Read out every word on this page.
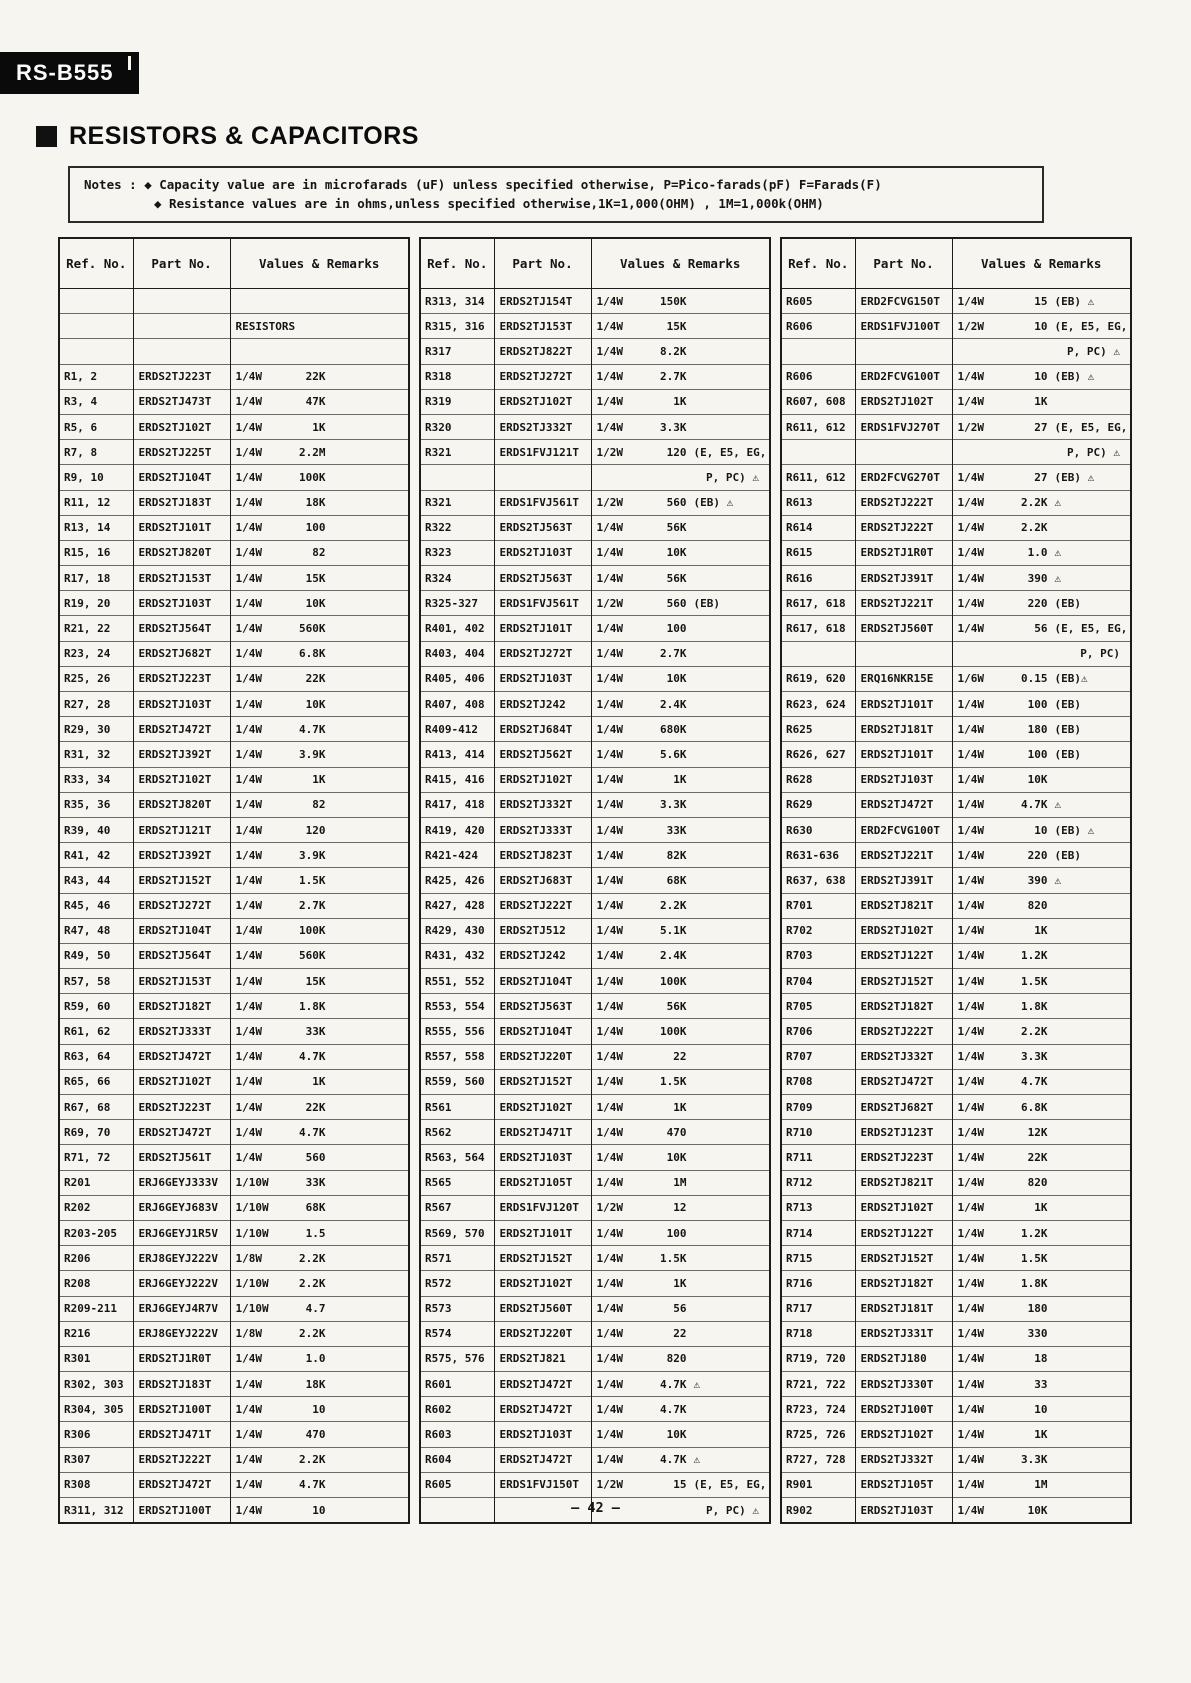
RS-B555
RESISTORS & CAPACITORS
Notes : ◆ Capacity value are in microfarads (uF) unless specified otherwise, P=Pico-farads(pF) F=Farads(F)
◆ Resistance values are in ohms,unless specified otherwise,1K=1,000(OHM) , 1M=1,000k(OHM)
Ref. No.	Part No.	Values & Remarks

		RESISTORS

R1, 2	ERDS2TJ223T	1/4W 22K

R3, 4	ERDS2TJ473T	1/4W 47K

R5, 6	ERDS2TJ102T	1/4W 1K

R7, 8	ERDS2TJ225T	1/4W 2.2M

R9, 10	ERDS2TJ104T	1/4W 100K

R11, 12	ERDS2TJ183T	1/4W 18K

R13, 14	ERDS2TJ101T	1/4W 100

R15, 16	ERDS2TJ820T	1/4W 82

R17, 18	ERDS2TJ153T	1/4W 15K

R19, 20	ERDS2TJ103T	1/4W 10K

R21, 22	ERDS2TJ564T	1/4W 560K

R23, 24	ERDS2TJ682T	1/4W 6.8K

R25, 26	ERDS2TJ223T	1/4W 22K

R27, 28	ERDS2TJ103T	1/4W 10K

R29, 30	ERDS2TJ472T	1/4W 4.7K

R31, 32	ERDS2TJ392T	1/4W 3.9K

R33, 34	ERDS2TJ102T	1/4W 1K

R35, 36	ERDS2TJ820T	1/4W 82

R39, 40	ERDS2TJ121T	1/4W 120

R41, 42	ERDS2TJ392T	1/4W 3.9K

R43, 44	ERDS2TJ152T	1/4W 1.5K

R45, 46	ERDS2TJ272T	1/4W 2.7K

R47, 48	ERDS2TJ104T	1/4W 100K

R49, 50	ERDS2TJ564T	1/4W 560K

R57, 58	ERDS2TJ153T	1/4W 15K

R59, 60	ERDS2TJ182T	1/4W 1.8K

R61, 62	ERDS2TJ333T	1/4W 33K

R63, 64	ERDS2TJ472T	1/4W 4.7K

R65, 66	ERDS2TJ102T	1/4W 1K

R67, 68	ERDS2TJ223T	1/4W 22K

R69, 70	ERDS2TJ472T	1/4W 4.7K

R71, 72	ERDS2TJ561T	1/4W 560

R201	ERJ6GEYJ333V	1/10W 33K

R202	ERJ6GEYJ683V	1/10W 68K

R203-205	ERJ6GEYJ1R5V	1/10W 1.5

R206	ERJ8GEYJ222V	1/8W 2.2K

R208	ERJ6GEYJ222V	1/10W 2.2K

R209-211	ERJ6GEYJ4R7V	1/10W 4.7

R216	ERJ8GEYJ222V	1/8W 2.2K

R301	ERDS2TJ1R0T	1/4W 1.0

R302, 303	ERDS2TJ183T	1/4W 18K

R304, 305	ERDS2TJ100T	1/4W 10

R306	ERDS2TJ471T	1/4W 470

R307	ERDS2TJ222T	1/4W 2.2K

R308	ERDS2TJ472T	1/4W 4.7K

R311, 312	ERDS2TJ100T	1/4W 10
Ref. No.	Part No.	Values & Remarks
R313, 314	ERDS2TJ154T	1/4W 150K

R315, 316	ERDS2TJ153T	1/4W 15K

R317	ERDS2TJ822T	1/4W 8.2K

R318	ERDS2TJ272T	1/4W 2.7K

R319	ERDS2TJ102T	1/4W 1K

R320	ERDS2TJ332T	1/4W 3.3K

R321	ERDS1FVJ121T	1/2W 120 (E, E5, EG,

		P, PC) ⚠

R321	ERDS1FVJ561T	1/2W 560 (EB) ⚠

R322	ERDS2TJ563T	1/4W 56K

R323	ERDS2TJ103T	1/4W 10K

R324	ERDS2TJ563T	1/4W 56K

R325-327	ERDS1FVJ561T	1/2W 560 (EB)

R401, 402	ERDS2TJ101T	1/4W 100

R403, 404	ERDS2TJ272T	1/4W 2.7K

R405, 406	ERDS2TJ103T	1/4W 10K

R407, 408	ERDS2TJ242	1/4W 2.4K

R409-412	ERDS2TJ684T	1/4W 680K

R413, 414	ERDS2TJ562T	1/4W 5.6K

R415, 416	ERDS2TJ102T	1/4W 1K

R417, 418	ERDS2TJ332T	1/4W 3.3K

R419, 420	ERDS2TJ333T	1/4W 33K

R421-424	ERDS2TJ823T	1/4W 82K

R425, 426	ERDS2TJ683T	1/4W 68K

R427, 428	ERDS2TJ222T	1/4W 2.2K

R429, 430	ERDS2TJ512	1/4W 5.1K

R431, 432	ERDS2TJ242	1/4W 2.4K

R551, 552	ERDS2TJ104T	1/4W 100K

R553, 554	ERDS2TJ563T	1/4W 56K

R555, 556	ERDS2TJ104T	1/4W 100K

R557, 558	ERDS2TJ220T	1/4W 22

R559, 560	ERDS2TJ152T	1/4W 1.5K

R561	ERDS2TJ102T	1/4W 1K

R562	ERDS2TJ471T	1/4W 470

R563, 564	ERDS2TJ103T	1/4W 10K

R565	ERDS2TJ105T	1/4W 1M

R567	ERDS1FVJ120T	1/2W 12

R569, 570	ERDS2TJ101T	1/4W 100

R571	ERDS2TJ152T	1/4W 1.5K

R572	ERDS2TJ102T	1/4W 1K

R573	ERDS2TJ560T	1/4W 56

R574	ERDS2TJ220T	1/4W 22

R575, 576	ERDS2TJ821	1/4W 820

R601	ERDS2TJ472T	1/4W 4.7K ⚠

R602	ERDS2TJ472T	1/4W 4.7K

R603	ERDS2TJ103T	1/4W 10K

R604	ERDS2TJ472T	1/4W 4.7K ⚠

R605	ERDS1FVJ150T	1/2W 15 (E, E5, EG,

		P, PC) ⚠
Ref. No.	Part No.	Values & Remarks
R605	ERD2FCVG150T	1/4W 15 (EB) ⚠

R606	ERDS1FVJ100T	1/2W 10 (E, E5, EG,

		P, PC) ⚠

R606	ERD2FCVG100T	1/4W 10 (EB) ⚠

R607, 608	ERDS2TJ102T	1/4W 1K

R611, 612	ERDS1FVJ270T	1/2W 27 (E, E5, EG,

		P, PC) ⚠

R611, 612	ERD2FCVG270T	1/4W 27 (EB) ⚠

R613	ERDS2TJ222T	1/4W 2.2K ⚠

R614	ERDS2TJ222T	1/4W 2.2K

R615	ERDS2TJ1R0T	1/4W 1.0 ⚠

R616	ERDS2TJ391T	1/4W 390 ⚠

R617, 618	ERDS2TJ221T	1/4W 220 (EB)

R617, 618	ERDS2TJ560T	1/4W 56 (E, E5, EG,

		P, PC)

R619, 620	ERQ16NKR15E	1/6W 0.15 (EB)⚠

R623, 624	ERDS2TJ101T	1/4W 100 (EB)

R625	ERDS2TJ181T	1/4W 180 (EB)

R626, 627	ERDS2TJ101T	1/4W 100 (EB)

R628	ERDS2TJ103T	1/4W 10K

R629	ERDS2TJ472T	1/4W 4.7K ⚠

R630	ERD2FCVG100T	1/4W 10 (EB) ⚠

R631-636	ERDS2TJ221T	1/4W 220 (EB)

R637, 638	ERDS2TJ391T	1/4W 390 ⚠

R701	ERDS2TJ821T	1/4W 820

R702	ERDS2TJ102T	1/4W 1K

R703	ERDS2TJ122T	1/4W 1.2K

R704	ERDS2TJ152T	1/4W 1.5K

R705	ERDS2TJ182T	1/4W 1.8K

R706	ERDS2TJ222T	1/4W 2.2K

R707	ERDS2TJ332T	1/4W 3.3K

R708	ERDS2TJ472T	1/4W 4.7K

R709	ERDS2TJ682T	1/4W 6.8K

R710	ERDS2TJ123T	1/4W 12K

R711	ERDS2TJ223T	1/4W 22K

R712	ERDS2TJ821T	1/4W 820

R713	ERDS2TJ102T	1/4W 1K

R714	ERDS2TJ122T	1/4W 1.2K

R715	ERDS2TJ152T	1/4W 1.5K

R716	ERDS2TJ182T	1/4W 1.8K

R717	ERDS2TJ181T	1/4W 180

R718	ERDS2TJ331T	1/4W 330

R719, 720	ERDS2TJ180	1/4W 18

R721, 722	ERDS2TJ330T	1/4W 33

R723, 724	ERDS2TJ100T	1/4W 10

R725, 726	ERDS2TJ102T	1/4W 1K

R727, 728	ERDS2TJ332T	1/4W 3.3K

R901	ERDS2TJ105T	1/4W 1M

R902	ERDS2TJ103T	1/4W 10K
— 42 —
